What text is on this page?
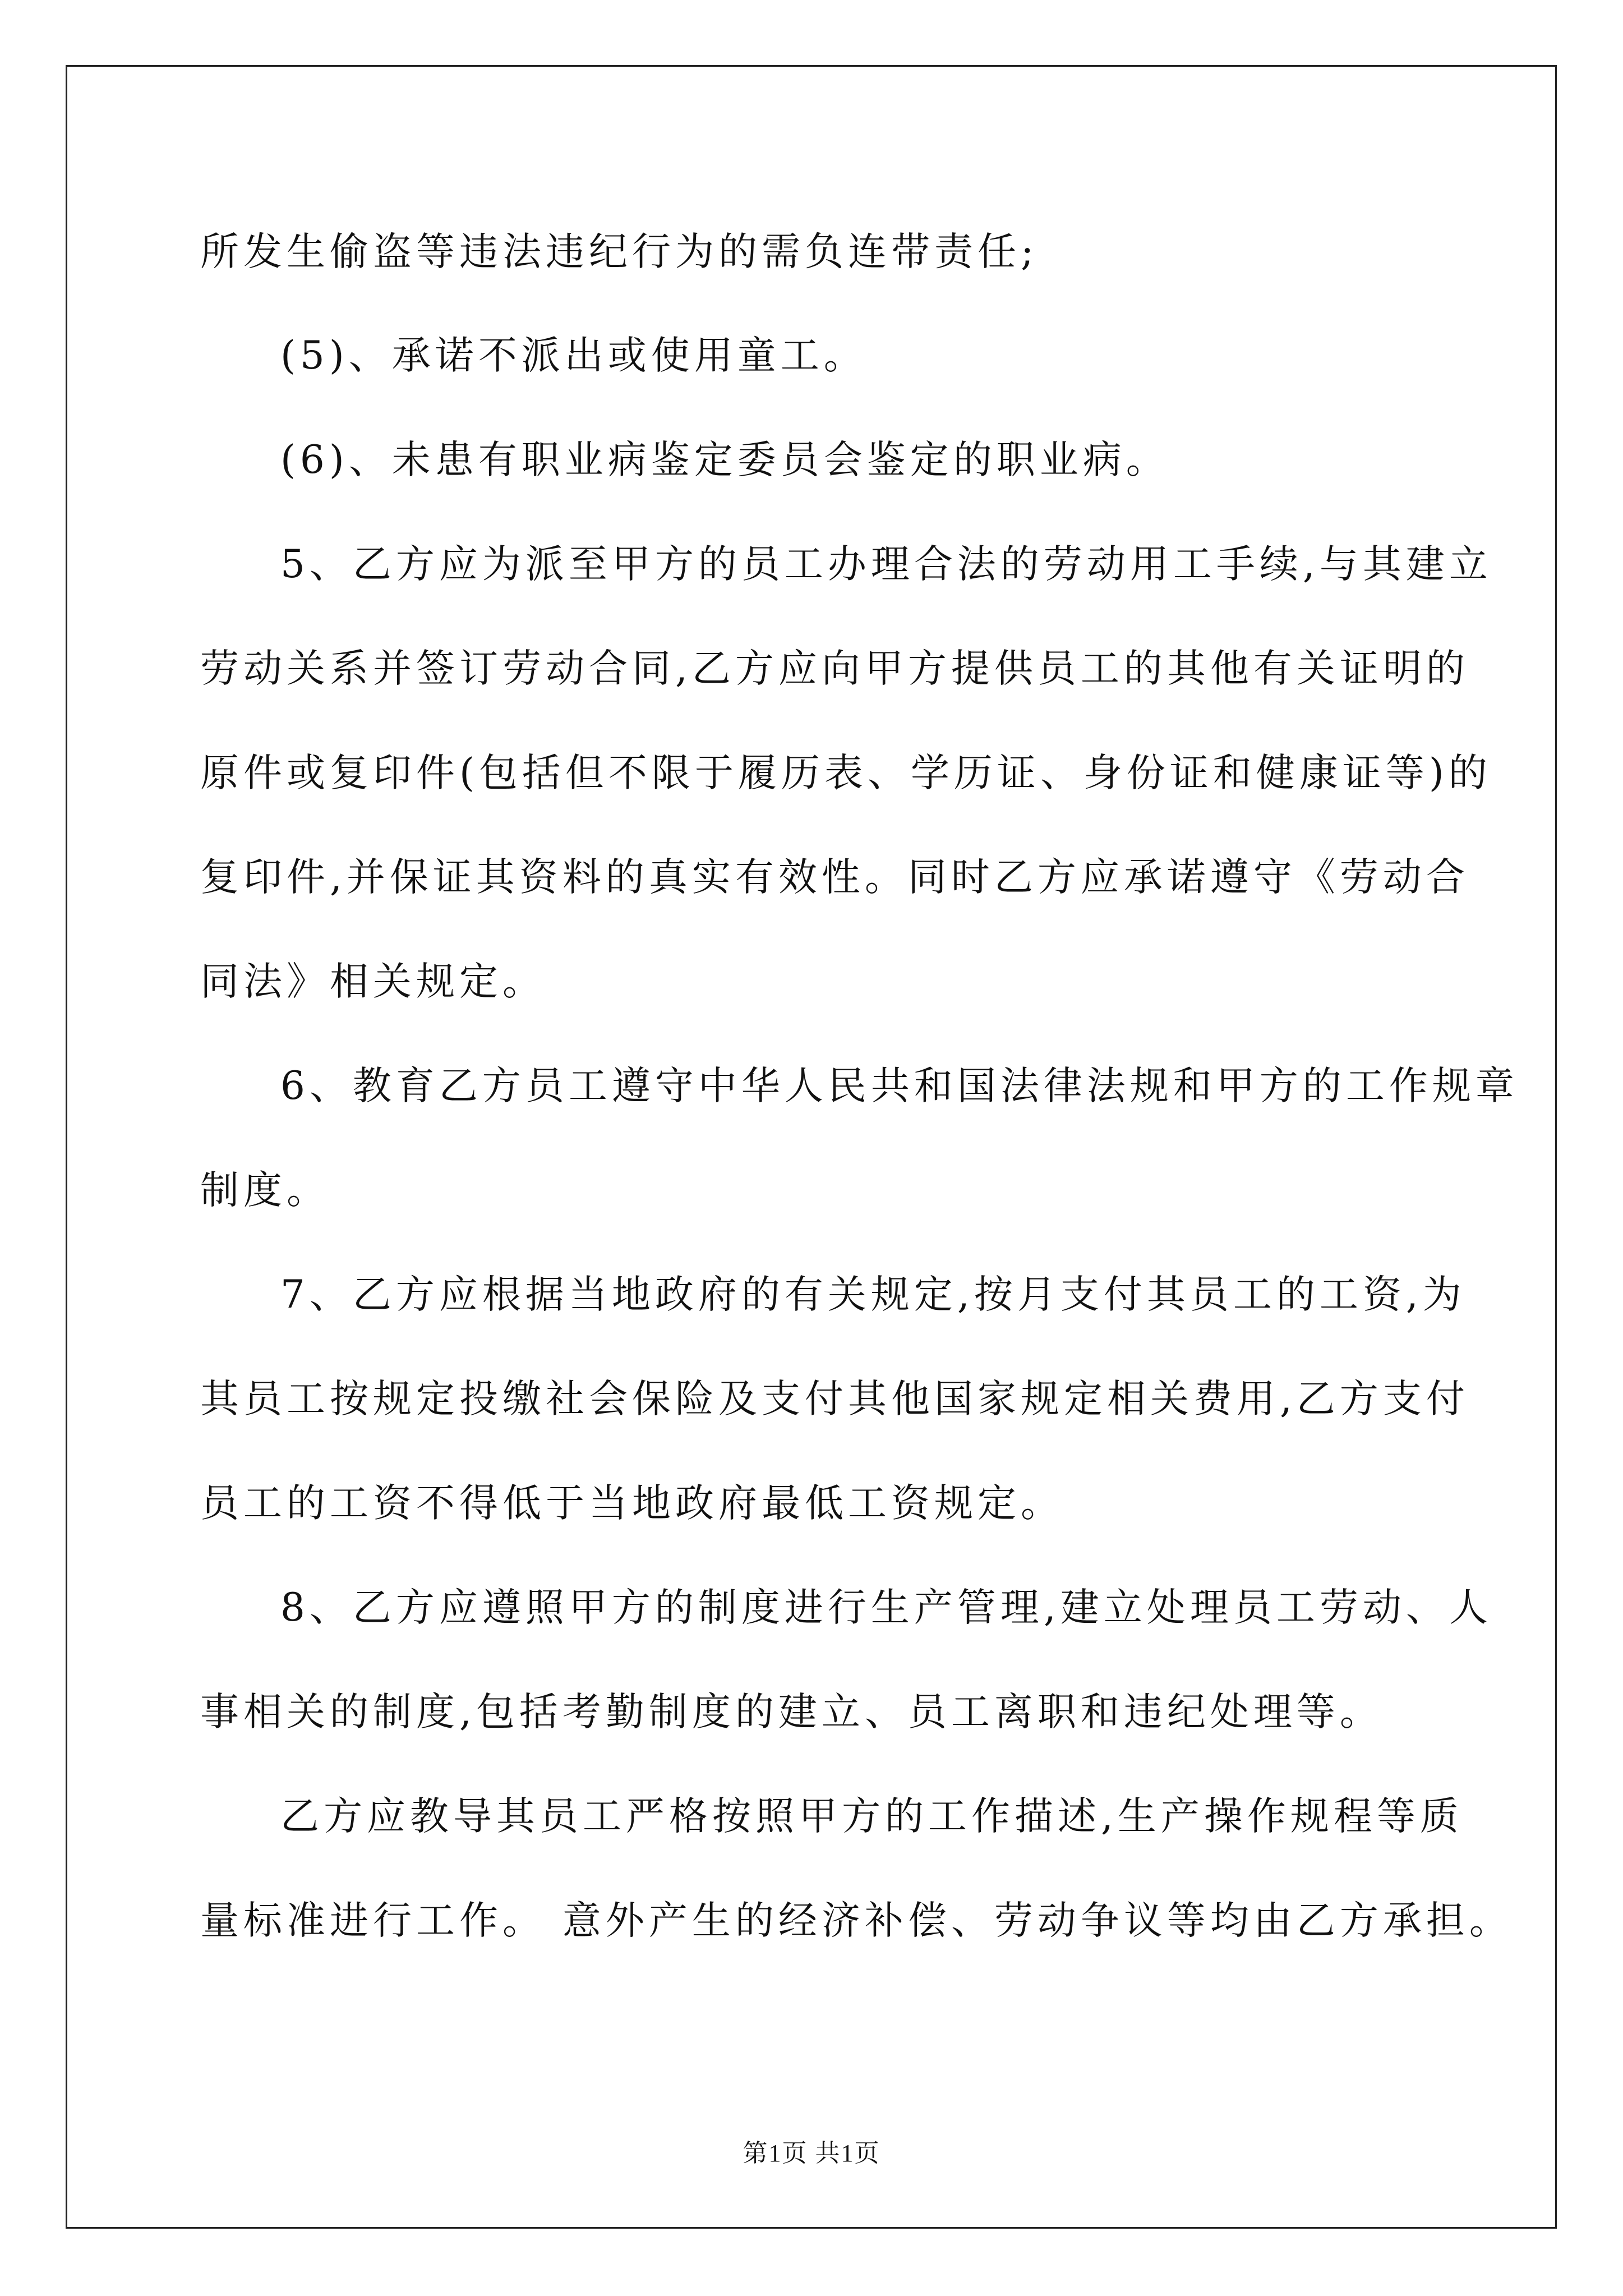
所发生偷盗等违法违纪行为的需负连带责任;
(5)、承诺不派出或使用童工。
(6)、未患有职业病鉴定委员会鉴定的职业病。
5、乙方应为派至甲方的员工办理合法的劳动用工手续,与其建立
劳动关系并签订劳动合同,乙方应向甲方提供员工的其他有关证明的
原件或复印件(包括但不限于履历表、学历证、身份证和健康证等)的
复印件,并保证其资料的真实有效性。同时乙方应承诺遵守《劳动合
同法》相关规定。
6、教育乙方员工遵守中华人民共和国法律法规和甲方的工作规章
制度。
7、乙方应根据当地政府的有关规定,按月支付其员工的工资,为
其员工按规定投缴社会保险及支付其他国家规定相关费用,乙方支付
员工的工资不得低于当地政府最低工资规定。
8、乙方应遵照甲方的制度进行生产管理,建立处理员工劳动、人
事相关的制度,包括考勤制度的建立、员工离职和违纪处理等。
乙方应教导其员工严格按照甲方的工作描述,生产操作规程等质
量标准进行工作。 意外产生的经济补偿、劳动争议等均由乙方承担。
第1页 共1页
